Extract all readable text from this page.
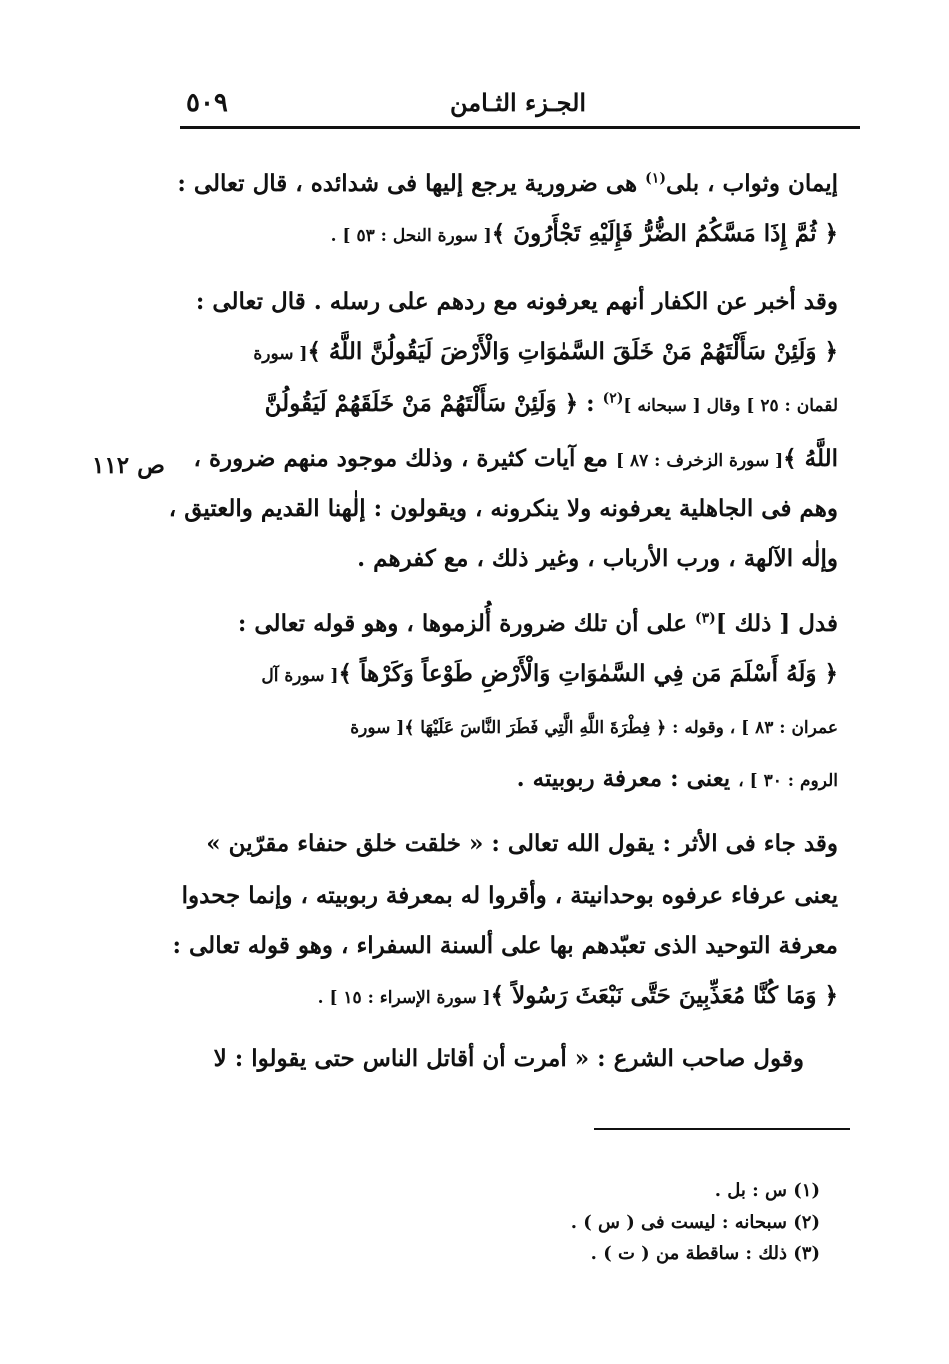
٥٠٩	الجـزء الثـامن
إيمان وثواب ، بلى$^{(١)}$ هى ضرورية يرجع إليها فى شدائده ، قال تعالى :
﴿ ثُمَّ إِذَا مَسَّكُمُ الضُّرُّ فَإِلَيْهِ تَجْأَرُونَ ﴾[ سورة النحل : ٥٣ ] .
وقد أخبر عن الكفار أنهم يعرفونه مع ردهم على رسله . قال تعالى :
﴿ وَلَئِنْ سَأَلْتَهُمْ مَنْ خَلَقَ السَّمٰوَاتِ وَالْأَرْضَ لَيَقُولُنَّ اللَّهُ ﴾[ سورة
لقمان : ٢٥ ] وقال [ سبحانه ]$^{(٢)}$ : ﴿ وَلَئِنْ سَأَلْتَهُمْ مَنْ خَلَقَهُمْ لَيَقُولُنَّ
اللَّهُ ﴾[ سورة الزخرف : ٨٧ ] مع آيات كثيرة ، وذلك موجود منهم ضرورة ،
ص ١١٢
وهم فى الجاهلية يعرفونه ولا ينكرونه ، ويقولون : إلٰهنا القديم والعتيق ،
وإلٰه الآلهة ، ورب الأرباب ، وغير ذلك ، مع كفرهم .
فدل [ ذلك ]$^{(٣)}$ على أن تلك ضرورة أُلزموها ، وهو قوله تعالى :
﴿ وَلَهُ أَسْلَمَ مَن فِي السَّمٰوَاتِ وَالْأَرْضِ طَوْعاً وَكَرْهاً ﴾[ سورة آل
عمران : ٨٣ ] ، وقوله : ﴿ فِطْرَةَ اللَّهِ الَّتِي فَطَرَ النَّاسَ عَلَيْهَا ﴾[ سورة
الروم : ٣٠ ] ، يعنى : معرفة ربوبيته .
وقد جاء فى الأثر : يقول الله تعالى : « خلقت خلق حنفاء مقرّين »
يعنى عرفاء عرفوه بوحدانيتة ، وأقروا له بمعرفة ربوبيته ، وإنما جحدوا
معرفة التوحيد الذى تعبّدهم بها على ألسنة السفراء ، وهو قوله تعالى :
﴿ وَمَا كُنَّا مُعَذِّبِينَ حَتَّى نَبْعَثَ رَسُولاً ﴾[ سورة الإسراء : ١٥ ] .
وقول صاحب الشرع : « أمرت أن أقاتل الناس حتى يقولوا : لا
(١) س : بل .
(٢) سبحانه : ليست فى ( س ) .
(٣) ذلك : ساقطة من ( ت ) .
